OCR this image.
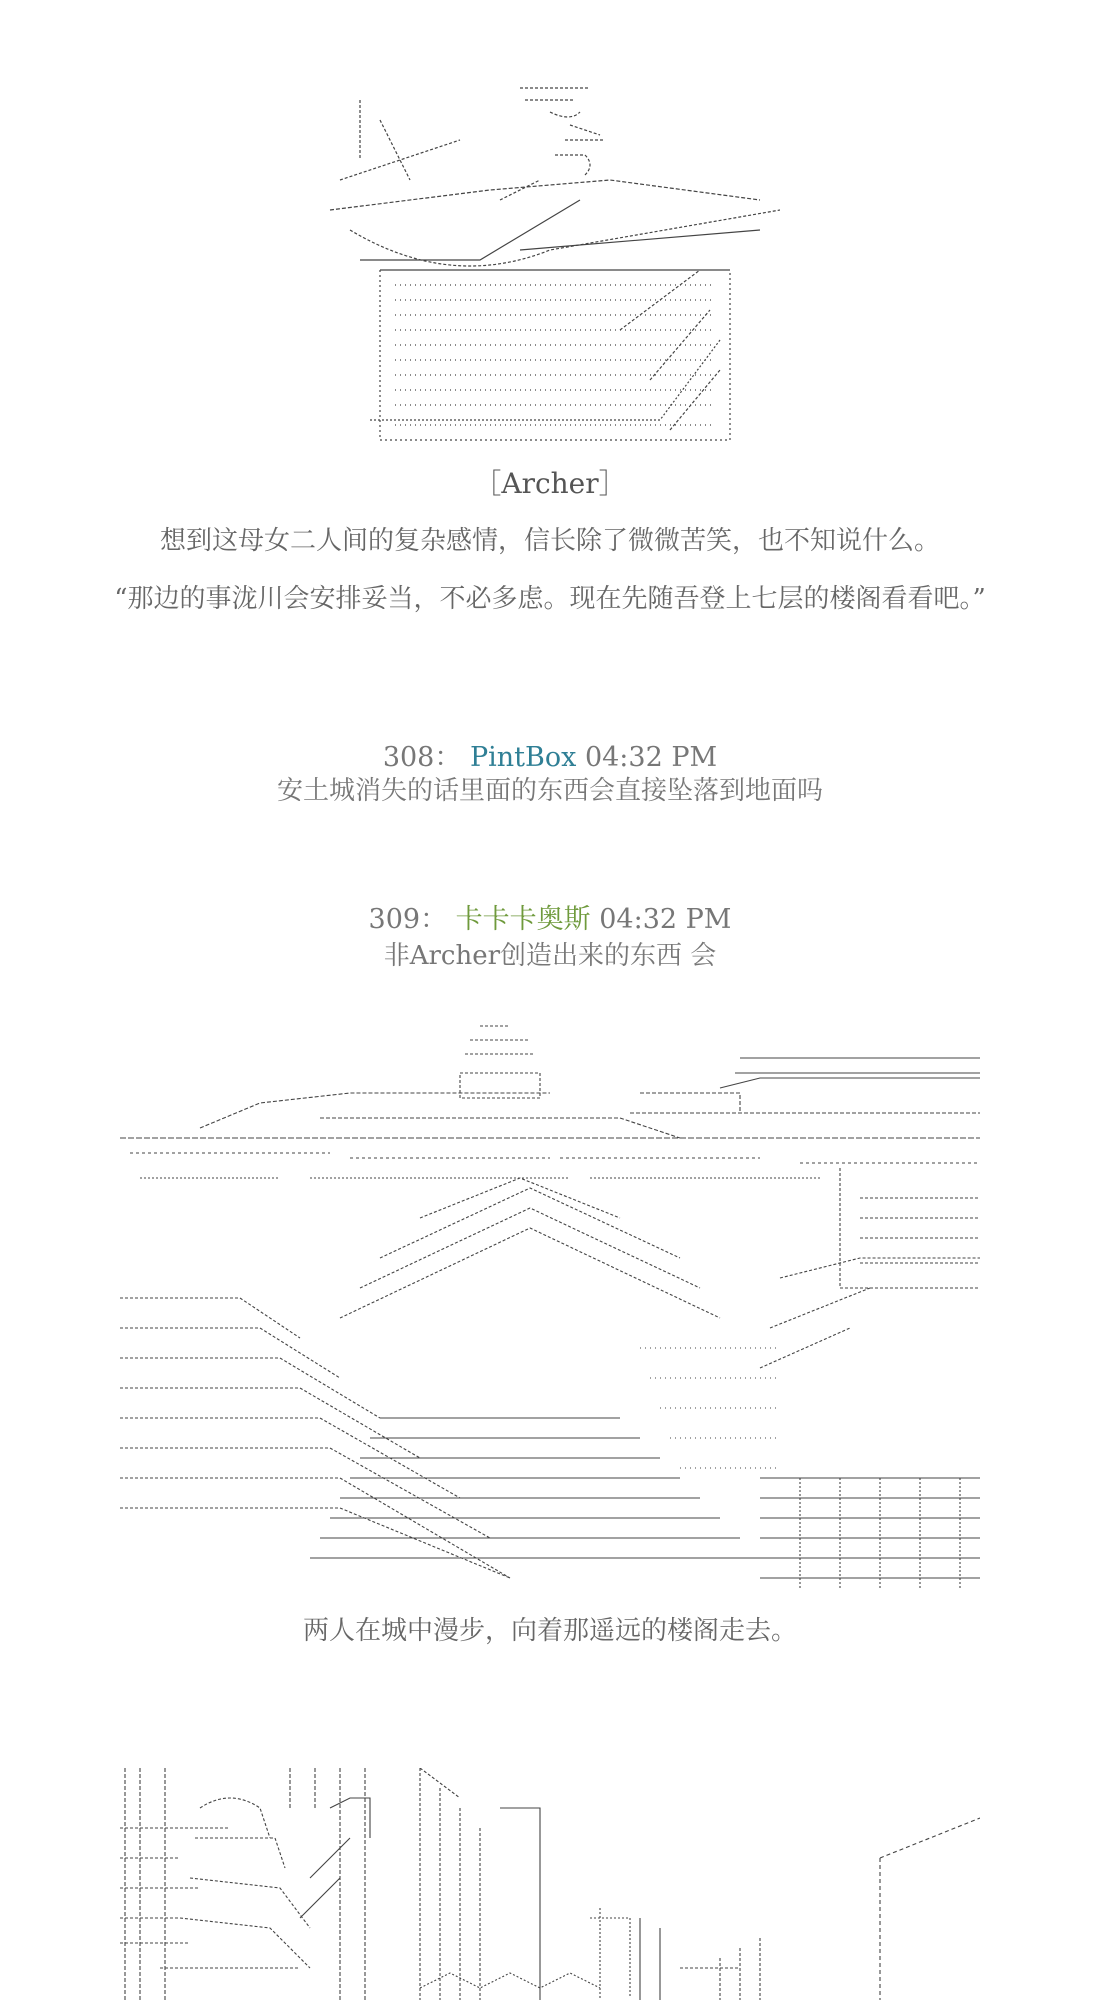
［Archer］
想到这母女二人间的复杂感情，信长除了微微苦笑，也不知说什么。
“那边的事泷川会安排妥当，不必多虑。现在先随吾登上七层的楼阁看看吧。”
308： PintBox 04:32 PM
安土城消失的话里面的东西会直接坠落到地面吗
309： 卡卡卡奥斯 04:32 PM
非Archer创造出来的东西 会
两人在城中漫步，向着那遥远的楼阁走去。
